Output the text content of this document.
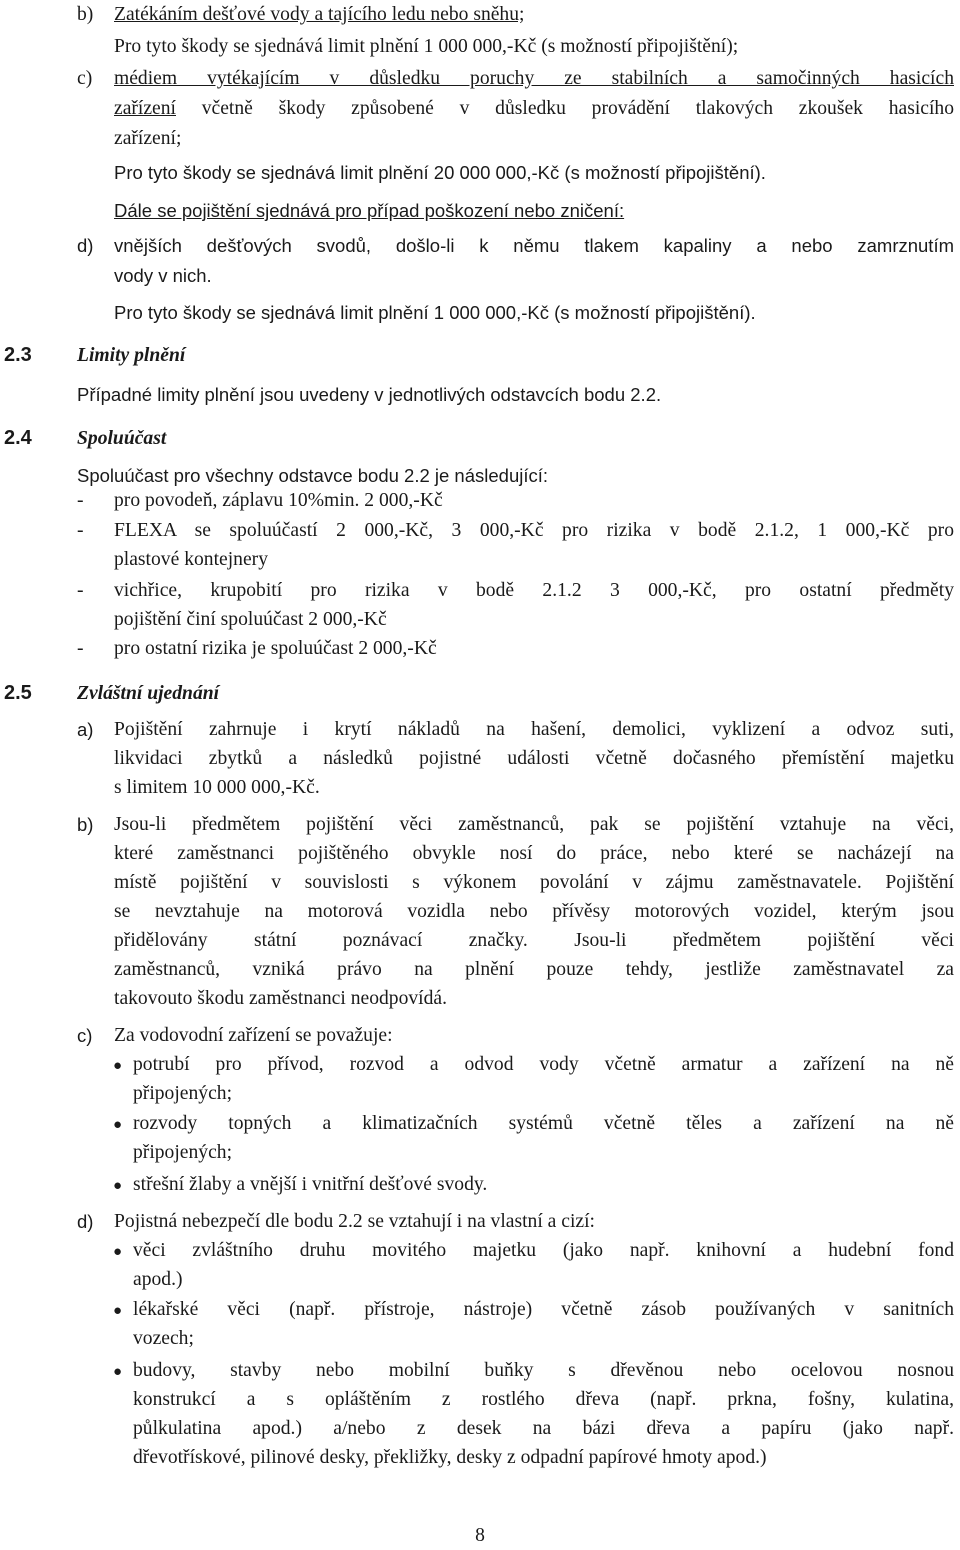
b) Zatékáním dešťové vody a tajícího ledu nebo sněhu;
Pro tyto škody se sjednává limit plnění 1 000 000,-Kč (s možností připojištění);
c) médiem vytékajícím v důsledku poruchy ze stabilních a samočinných hasicích
zařízení včetně škody způsobené v důsledku provádění tlakových zkoušek hasicího
zařízení;
Pro tyto škody se sjednává limit plnění 20 000 000,-Kč (s možností připojištění).
Dále se pojištění sjednává pro případ poškození nebo zničení:
d) vnějších dešťových svodů, došlo-li k němu tlakem kapaliny a nebo zamrznutím
vody v nich.
Pro tyto škody se sjednává limit plnění 1 000 000,-Kč (s možností připojištění).
2.3 Limity plnění
Případné limity plnění jsou uvedeny v jednotlivých odstavcích bodu 2.2.
2.4 Spoluúčast
Spoluúčast pro všechny odstavce bodu 2.2 je následující:
- pro povodeň, záplavu 10%min. 2 000,-Kč
- FLEXA se spoluúčastí 2 000,-Kč, 3 000,-Kč pro rizika v bodě 2.1.2, 1 000,-Kč pro
plastové kontejnery
- vichřice, krupobití pro rizika v bodě 2.1.2 3 000,-Kč, pro ostatní předměty
pojištění činí spoluúčast 2 000,-Kč
- pro ostatní rizika je spoluúčast 2 000,-Kč
2.5 Zvláštní ujednání
a) Pojištění zahrnuje i krytí nákladů na hašení, demolici, vyklizení a odvoz suti,
likvidaci zbytků a následků pojistné události včetně dočasného přemístění majetku
s limitem 10 000 000,-Kč.
b) Jsou-li předmětem pojištění věci zaměstnanců, pak se pojištění vztahuje na věci,
které zaměstnanci pojištěného obvykle nosí do práce, nebo které se nacházejí na
místě pojištění v souvislosti s výkonem povolání v zájmu zaměstnavatele. Pojištění
se nevztahuje na motorová vozidla nebo přívěsy motorových vozidel, kterým jsou
přidělovány státní poznávací značky. Jsou-li předmětem pojištění věci
zaměstnanců, vzniká právo na plnění pouze tehdy, jestliže zaměstnavatel za
takovouto škodu zaměstnanci neodpovídá.
c) Za vodovodní zařízení se považuje:
● potrubí pro přívod, rozvod a odvod vody včetně armatur a zařízení na ně
připojených;
● rozvody topných a klimatizačních systémů včetně těles a zařízení na ně
připojených;
● střešní žlaby a vnější i vnitřní dešťové svody.
d) Pojistná nebezpečí dle bodu 2.2 se vztahují i na vlastní a cizí:
● věci zvláštního druhu movitého majetku (jako např. knihovní a hudební fond
apod.)
● lékařské věci (např. přístroje, nástroje) včetně zásob používaných v sanitních
vozech;
● budovy, stavby nebo mobilní buňky s dřevěnou nebo ocelovou nosnou
konstrukcí a s opláštěním z rostlého dřeva (např. prkna, fošny, kulatina,
půlkulatina apod.) a/nebo z desek na bázi dřeva a papíru (jako např.
dřevotřískové, pilinové desky, překližky, desky z odpadní papírové hmoty apod.)
8
